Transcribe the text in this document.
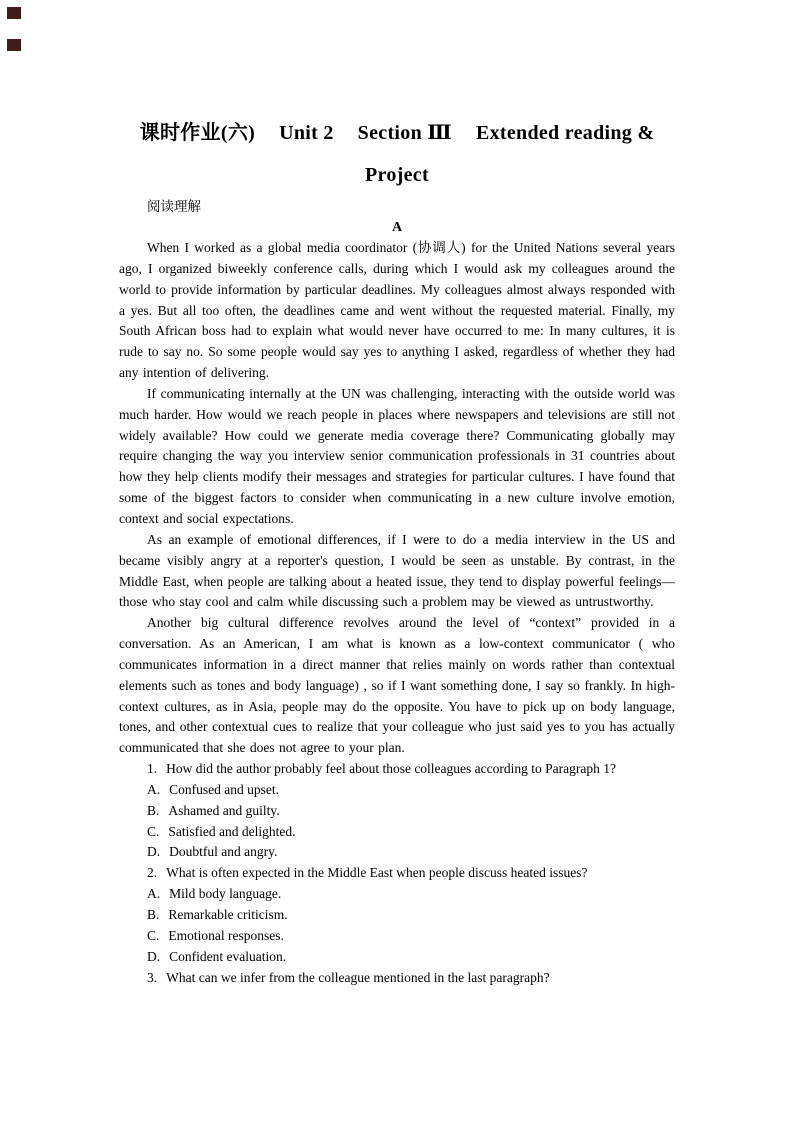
课时作业(六) Unit 2 Section Ⅲ Extended reading &
Project
阅读理解
A

When I worked as a global media coordinator (协调人) for the United Nations several years ago, I organized biweekly conference calls, during which I would ask my colleagues around the world to provide information by particular deadlines. My colleagues almost always responded with a yes. But all too often, the deadlines came and went without the requested material. Finally, my South African boss had to explain what would never have occurred to me: In many cultures, it is rude to say no. So some people would say yes to anything I asked, regardless of whether they had any intention of delivering.

If communicating internally at the UN was challenging, interacting with the outside world was much harder. How would we reach people in places where newspapers and televisions are still not widely available? How could we generate media coverage there? Communicating globally may require changing the way you interview senior communication professionals in 31 countries about how they help clients modify their messages and strategies for particular cultures. I have found that some of the biggest factors to consider when communicating in a new culture involve emotion, context and social expectations.

As an example of emotional differences, if I were to do a media interview in the US and became visibly angry at a reporter's question, I would be seen as unstable. By contrast, in the Middle East, when people are talking about a heated issue, they tend to display powerful feelings—those who stay cool and calm while discussing such a problem may be viewed as untrustworthy.

Another big cultural difference revolves around the level of “context” provided in a conversation. As an American, I am what is known as a low-context communicator ( who communicates information in a direct manner that relies mainly on words rather than contextual elements such as tones and body language) , so if I want something done, I say so frankly. In high-context cultures, as in Asia, people may do the opposite. You have to pick up on body language, tones, and other contextual cues to realize that your colleague who just said yes to you has actually communicated that she does not agree to your plan.

1. How did the author probably feel about those colleagues according to Paragraph 1?
A. Confused and upset.
B. Ashamed and guilty.
C. Satisfied and delighted.
D. Doubtful and angry.
2. What is often expected in the Middle East when people discuss heated issues?
A. Mild body language.
B. Remarkable criticism.
C. Emotional responses.
D. Confident evaluation.
3. What can we infer from the colleague mentioned in the last paragraph?
